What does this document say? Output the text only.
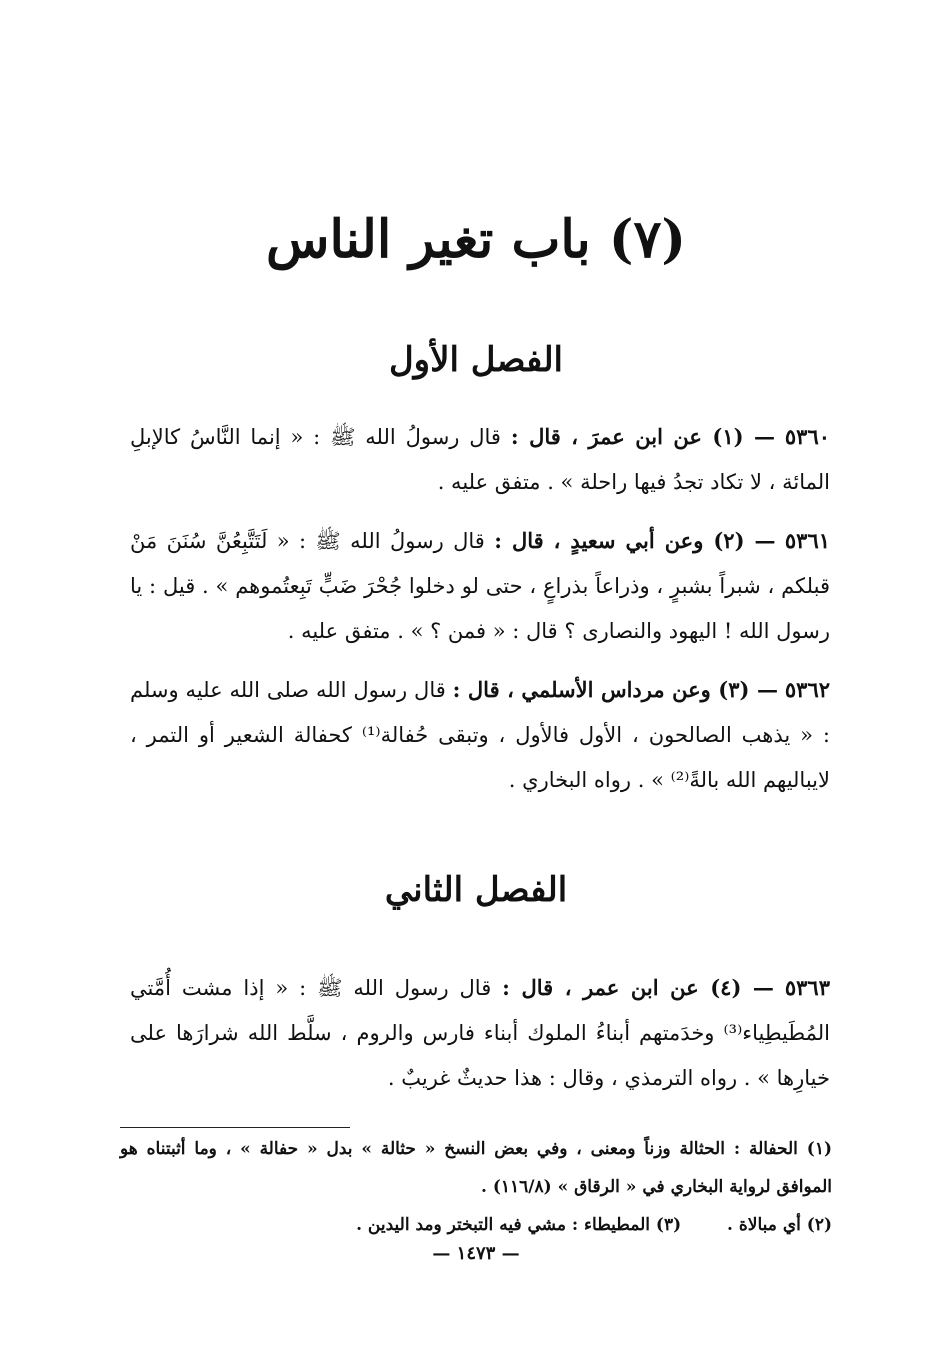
(٧) باب تغير الناس
الفصل الأول
٥٣٦٠ — (١) عن ابن عمرَ ، قال : قال رسولُ الله ﷺ : « إنما النَّاسُ كالإبلِ المائة ، لا تكاد تجدُ فيها راحلة » . متفق عليه .
٥٣٦١ — (٢) وعن أبي سعيدٍ ، قال : قال رسولُ الله ﷺ : « لَتَتَّبِعُنَّ سُنَنَ مَنْ قبلكم ، شبراً بشبرٍ ، وذراعاً بذراعٍ ، حتى لو دخلوا جُحْرَ ضَبٍّ تَبِعتُموهم » . قيل : يا رسول الله ! اليهود والنصارى ؟ قال : « فمن ؟ » . متفق عليه .
٥٣٦٢ — (٣) وعن مرداس الأسلمي ، قال : قال رسول الله صلى الله عليه وسلم : « يذهب الصالحون ، الأول فالأول ، وتبقى حُفالة⁽¹⁾ كحفالة الشعير أو التمر ، لايباليهم الله بالةً⁽²⁾ » . رواه البخاري .
الفصل الثاني
٥٣٦٣ — (٤) عن ابن عمر ، قال : قال رسول الله ﷺ : « إذا مشت أُمَّتي المُطَيطِياء⁽³⁾ وخدَمتهم أبناءُ الملوك أبناء فارس والروم ، سلَّط الله شرارَها على خيارِها » . رواه الترمذي ، وقال : هذا حديثٌ غريبٌ .

(١) الحفالة : الحثالة وزناً ومعنى ، وفي بعض النسخ « حثالة » بدل « حفالة » ، وما أثبتناه هو الموافق لرواية البخاري في « الرقاق » (١١٦/٨) .

(٢) أي مبالاة . (٣) المطيطاء : مشي فيه التبختر ومد اليدين .

— ١٤٧٣ —
